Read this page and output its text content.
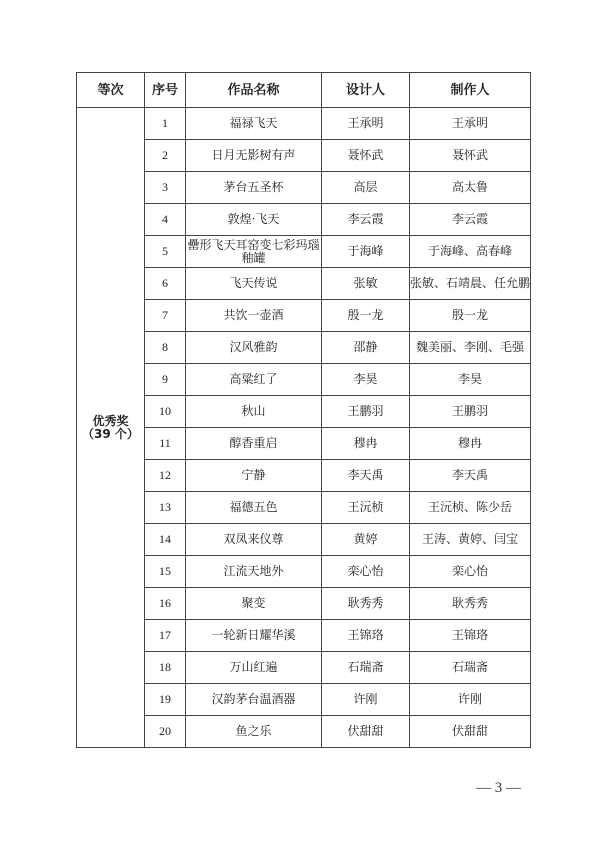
等次	序号	作品名称	设计人	制作人

优秀奖
（39 个）	1	福禄飞天	王承明	王承明
	2	日月无影树有声	聂怀武	聂怀武
	3	茅台五圣杯	高层	高太鲁
	4	敦煌·飞天	李云霞	李云霞
	5	罍形飞天耳窑变七彩玛瑙釉罐	于海峰	于海峰、高春峰
	6	飞天传说	张敏	张敏、石靖晨、任允鹏
	7	共饮一壶酒	殷一龙	殷一龙
	8	汉风雅韵	邵静	魏美丽、李刚、毛强
	9	高粱红了	李昊	李昊
	10	秋山	王鹏羽	王鹏羽
	11	醇香重启	穆冉	穆冉
	12	宁静	李天禹	李天禹
	13	福德五色	王沅桢	王沅桢、陈少岳
	14	双凤来仪尊	黄婷	王涛、黄婷、闫宝
	15	江流天地外	栾心怡	栾心怡
	16	聚变	耿秀秀	耿秀秀
	17	一轮新日耀华溪	王锦珞	王锦珞
	18	万山红遍	石瑞斋	石瑞斋
	19	汉韵茅台温酒器	许刚	许刚
	20	鱼之乐	伏甜甜	伏甜甜
— 3 —
